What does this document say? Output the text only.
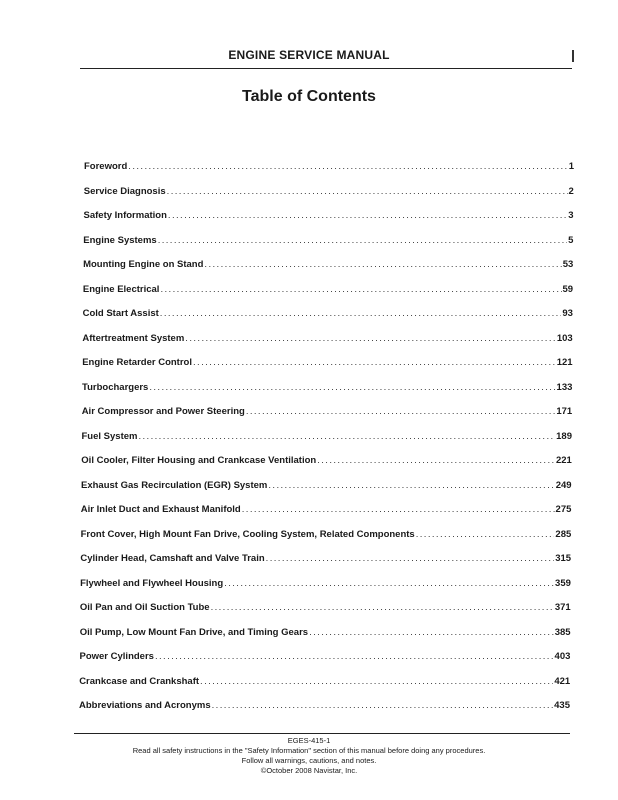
ENGINE SERVICE MANUAL
Table of Contents
Foreword .....	1
Service Diagnosis .....	2
Safety Information .....	3
Engine Systems .....	5
Mounting Engine on Stand .....	53
Engine Electrical .....	59
Cold Start Assist .....	93
Aftertreatment System .....	103
Engine Retarder Control .....	121
Turbochargers .....	133
Air Compressor and Power Steering .....	171
Fuel System .....	189
Oil Cooler, Filter Housing and Crankcase Ventilation .....	221
Exhaust Gas Recirculation (EGR) System .....	249
Air Inlet Duct and Exhaust Manifold .....	275
Front Cover, High Mount Fan Drive, Cooling System, Related Components .....	285
Cylinder Head, Camshaft and Valve Train .....	315
Flywheel and Flywheel Housing .....	359
Oil Pan and Oil Suction Tube .....	371
Oil Pump, Low Mount Fan Drive, and Timing Gears .....	385
Power Cylinders .....	403
Crankcase and Crankshaft .....	421
Abbreviations and Acronyms .....	435
EGES-415-1
Read all safety instructions in the "Safety Information" section of this manual before doing any procedures.
Follow all warnings, cautions, and notes.
©October 2008 Navistar, Inc.
